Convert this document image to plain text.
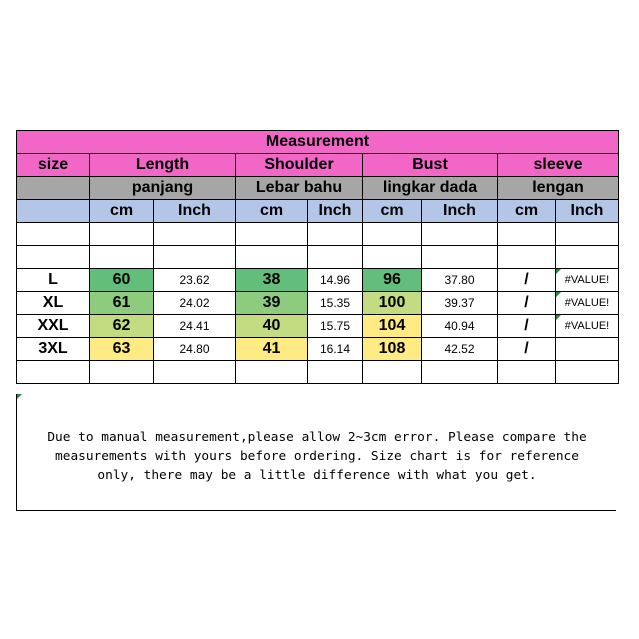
Measurement								
size	Length		Shoulder		Bust		sleeve	
	panjang		Lebar bahu		lingkar dada		lengan	
	cm	Inch	cm	Inch	cm	Inch	cm	Inch

L	60	23.62	38	14.96	96	37.80	/	#VALUE!
XL	61	24.02	39	15.35	100	39.37	/	#VALUE!
XXL	62	24.41	40	15.75	104	40.94	/	#VALUE!
3XL	63	24.80	41	16.14	108	42.52	/	

Due to manual measurement,please allow 2~3cm error. Please compare the
measurements with yours before ordering. Size chart is for reference
only, there may be a little difference with what you get.
